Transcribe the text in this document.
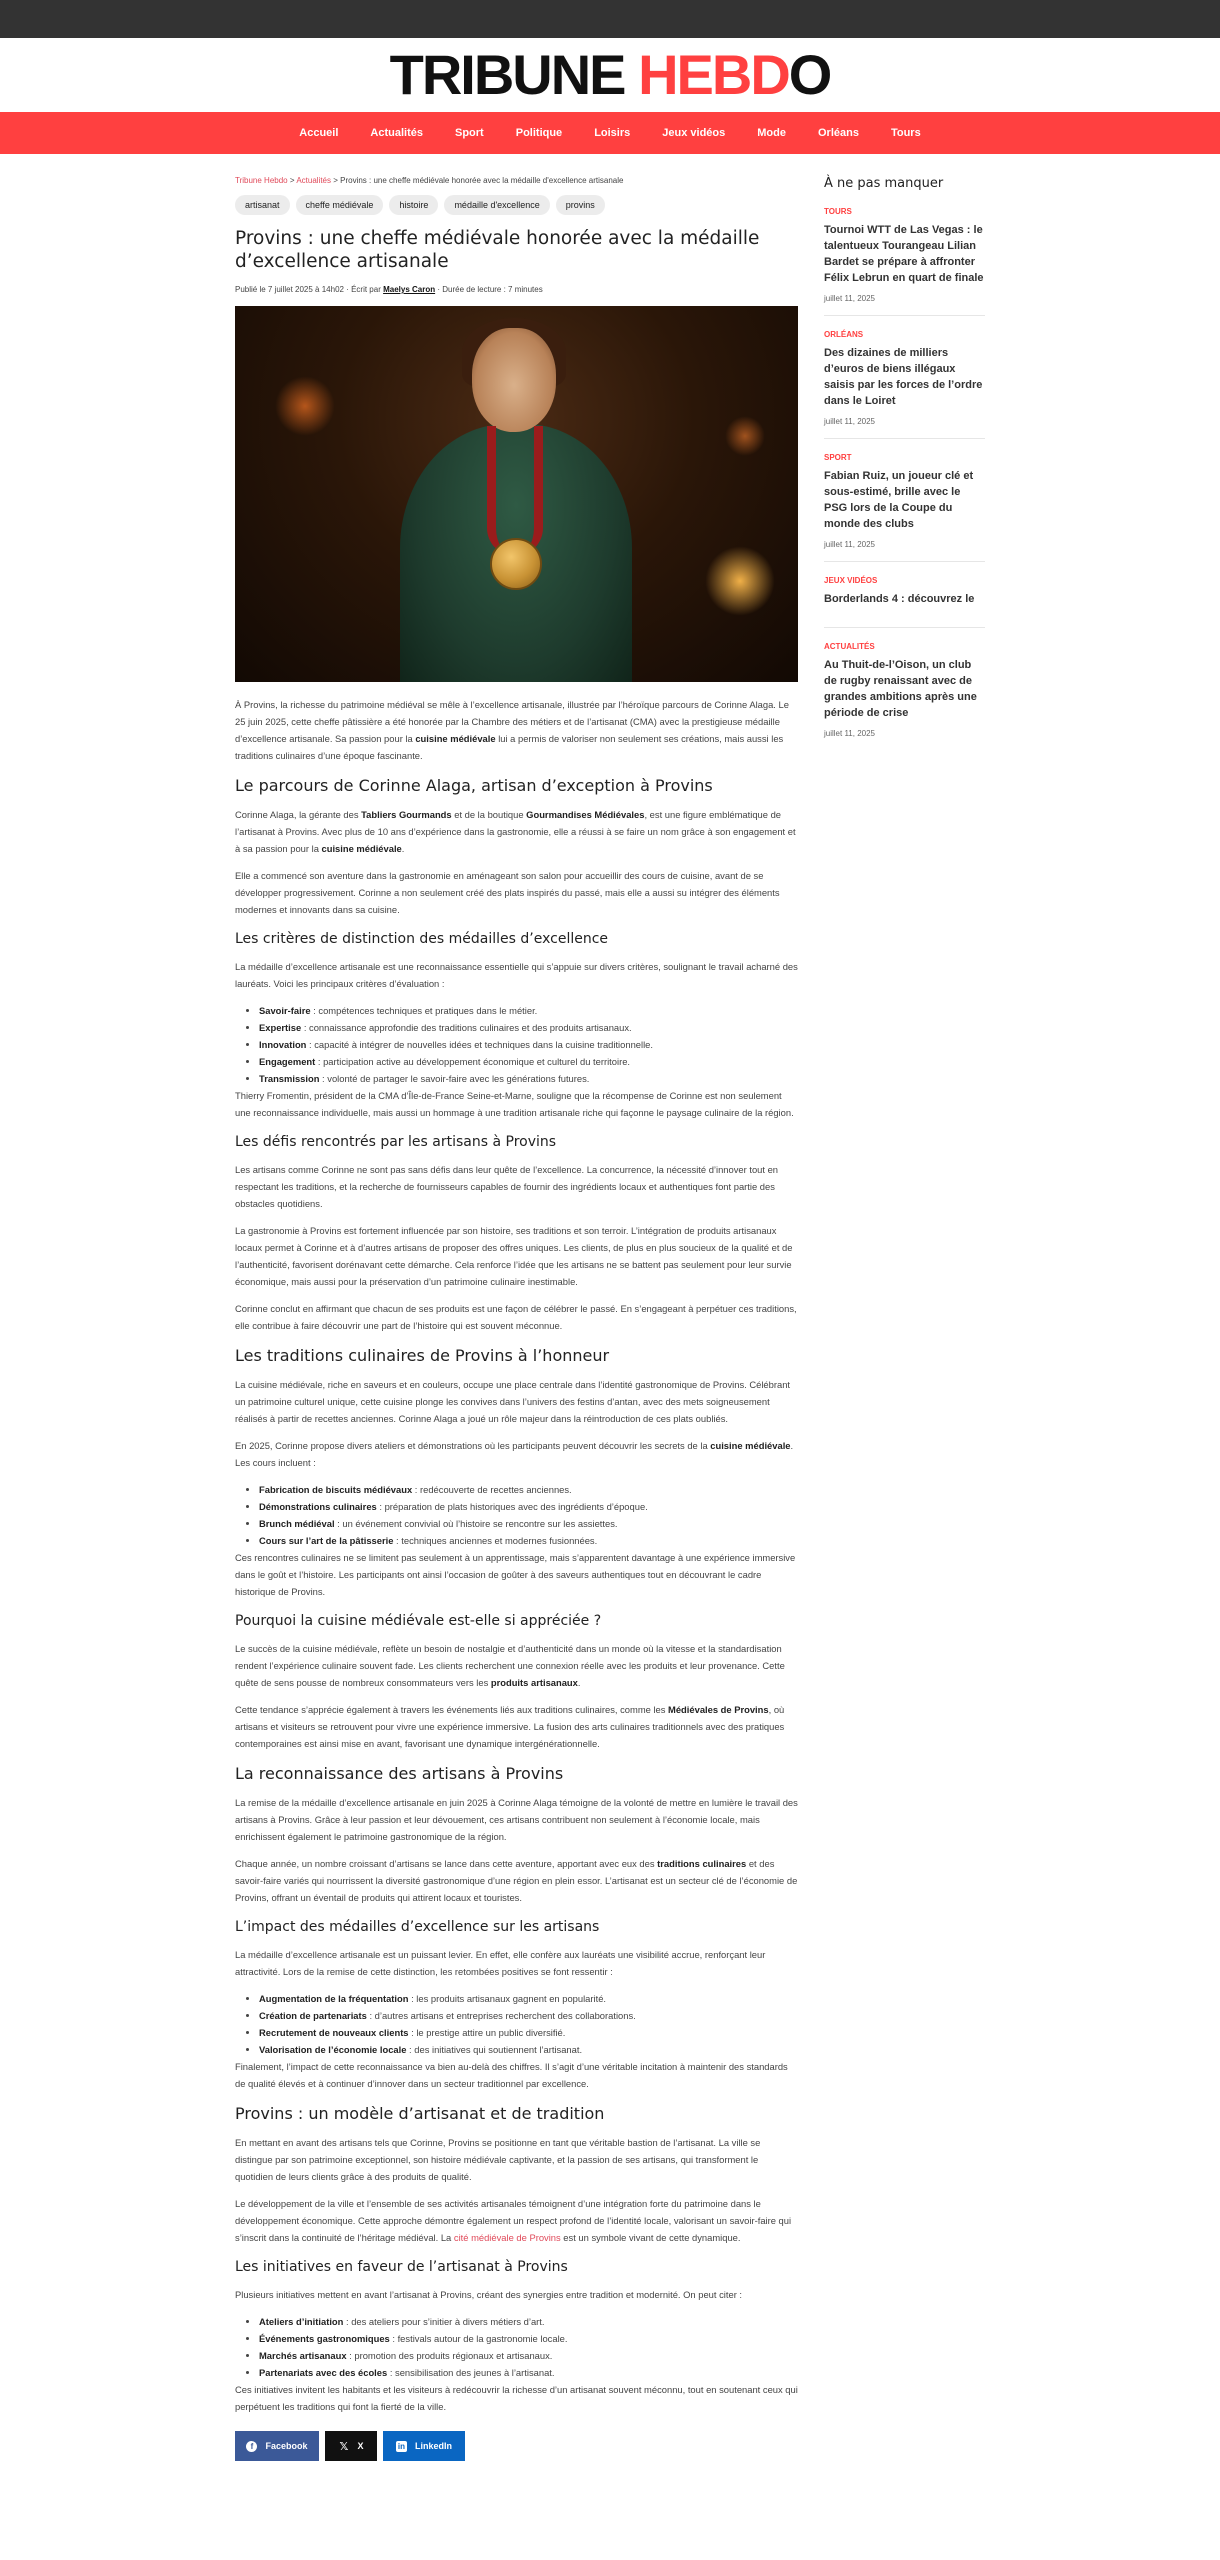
TRIBUNE HEBDO
Accueil	Actualités	Sport	Politique	Loisirs	Jeux vidéos	Mode	Orléans	Tours
Tribune Hebdo > Actualités > Provins : une cheffe médiévale honorée avec la médaille d'excellence artisanale
artisanat	cheffe médiévale	histoire	médaille d'excellence	provins
Provins : une cheffe médiévale honorée avec la médaille d’excellence artisanale
Publié le 7 juillet 2025 à 14h02 · Écrit par Maelys Caron · Durée de lecture : 7 minutes

À Provins, la richesse du patrimoine médiéval se mêle à l’excellence artisanale, illustrée par l’héroïque parcours de Corinne Alaga. Le 25 juin 2025, cette cheffe pâtissière a été honorée par la Chambre des métiers et de l’artisanat (CMA) avec la prestigieuse médaille d’excellence artisanale. Sa passion pour la cuisine médiévale lui a permis de valoriser non seulement ses créations, mais aussi les traditions culinaires d’une époque fascinante.

Le parcours de Corinne Alaga, artisan d’exception à Provins

Corinne Alaga, la gérante des Tabliers Gourmands et de la boutique Gourmandises Médiévales, est une figure emblématique de l’artisanat à Provins. Avec plus de 10 ans d’expérience dans la gastronomie, elle a réussi à se faire un nom grâce à son engagement et à sa passion pour la cuisine médiévale.

Elle a commencé son aventure dans la gastronomie en aménageant son salon pour accueillir des cours de cuisine, avant de se développer progressivement. Corinne a non seulement créé des plats inspirés du passé, mais elle a aussi su intégrer des éléments modernes et innovants dans sa cuisine.

Les critères de distinction des médailles d’excellence

La médaille d’excellence artisanale est une reconnaissance essentielle qui s’appuie sur divers critères, soulignant le travail acharné des lauréats. Voici les principaux critères d’évaluation :

• Savoir-faire : compétences techniques et pratiques dans le métier.
• Expertise : connaissance approfondie des traditions culinaires et des produits artisanaux.
• Innovation : capacité à intégrer de nouvelles idées et techniques dans la cuisine traditionnelle.
• Engagement : participation active au développement économique et culturel du territoire.
• Transmission : volonté de partager le savoir-faire avec les générations futures.

Thierry Fromentin, président de la CMA d’Île-de-France Seine-et-Marne, souligne que la récompense de Corinne est non seulement une reconnaissance individuelle, mais aussi un hommage à une tradition artisanale riche qui façonne le paysage culinaire de la région.

Les défis rencontrés par les artisans à Provins

Les artisans comme Corinne ne sont pas sans défis dans leur quête de l’excellence. La concurrence, la nécessité d’innover tout en respectant les traditions, et la recherche de fournisseurs capables de fournir des ingrédients locaux et authentiques font partie des obstacles quotidiens.

La gastronomie à Provins est fortement influencée par son histoire, ses traditions et son terroir. L’intégration de produits artisanaux locaux permet à Corinne et à d’autres artisans de proposer des offres uniques. Les clients, de plus en plus soucieux de la qualité et de l’authenticité, favorisent dorénavant cette démarche. Cela renforce l’idée que les artisans ne se battent pas seulement pour leur survie économique, mais aussi pour la préservation d’un patrimoine culinaire inestimable.

Corinne conclut en affirmant que chacun de ses produits est une façon de célébrer le passé. En s’engageant à perpétuer ces traditions, elle contribue à faire découvrir une part de l’histoire qui est souvent méconnue.

Les traditions culinaires de Provins à l’honneur

La cuisine médiévale, riche en saveurs et en couleurs, occupe une place centrale dans l’identité gastronomique de Provins. Célébrant un patrimoine culturel unique, cette cuisine plonge les convives dans l’univers des festins d’antan, avec des mets soigneusement réalisés à partir de recettes anciennes. Corinne Alaga a joué un rôle majeur dans la réintroduction de ces plats oubliés.

En 2025, Corinne propose divers ateliers et démonstrations où les participants peuvent découvrir les secrets de la cuisine médiévale. Les cours incluent :

• Fabrication de biscuits médiévaux : redécouverte de recettes anciennes.
• Démonstrations culinaires : préparation de plats historiques avec des ingrédients d’époque.
• Brunch médiéval : un événement convivial où l’histoire se rencontre sur les assiettes.
• Cours sur l’art de la pâtisserie : techniques anciennes et modernes fusionnées.

Ces rencontres culinaires ne se limitent pas seulement à un apprentissage, mais s’apparentent davantage à une expérience immersive dans le goût et l’histoire. Les participants ont ainsi l’occasion de goûter à des saveurs authentiques tout en découvrant le cadre historique de Provins.

Pourquoi la cuisine médiévale est-elle si appréciée ?

Le succès de la cuisine médiévale, reflète un besoin de nostalgie et d’authenticité dans un monde où la vitesse et la standardisation rendent l’expérience culinaire souvent fade. Les clients recherchent une connexion réelle avec les produits et leur provenance. Cette quête de sens pousse de nombreux consommateurs vers les produits artisanaux.

Cette tendance s’apprécie également à travers les événements liés aux traditions culinaires, comme les Médiévales de Provins, où artisans et visiteurs se retrouvent pour vivre une expérience immersive. La fusion des arts culinaires traditionnels avec des pratiques contemporaines est ainsi mise en avant, favorisant une dynamique intergénérationnelle.

La reconnaissance des artisans à Provins

La remise de la médaille d’excellence artisanale en juin 2025 à Corinne Alaga témoigne de la volonté de mettre en lumière le travail des artisans à Provins. Grâce à leur passion et leur dévouement, ces artisans contribuent non seulement à l’économie locale, mais enrichissent également le patrimoine gastronomique de la région.

Chaque année, un nombre croissant d’artisans se lance dans cette aventure, apportant avec eux des traditions culinaires et des savoir-faire variés qui nourrissent la diversité gastronomique d’une région en plein essor. L’artisanat est un secteur clé de l’économie de Provins, offrant un éventail de produits qui attirent locaux et touristes.

L’impact des médailles d’excellence sur les artisans

La médaille d’excellence artisanale est un puissant levier. En effet, elle confère aux lauréats une visibilité accrue, renforçant leur attractivité. Lors de la remise de cette distinction, les retombées positives se font ressentir :

• Augmentation de la fréquentation : les produits artisanaux gagnent en popularité.
• Création de partenariats : d’autres artisans et entreprises recherchent des collaborations.
• Recrutement de nouveaux clients : le prestige attire un public diversifié.
• Valorisation de l’économie locale : des initiatives qui soutiennent l’artisanat.

Finalement, l’impact de cette reconnaissance va bien au-delà des chiffres. Il s’agit d’une véritable incitation à maintenir des standards de qualité élevés et à continuer d’innover dans un secteur traditionnel par excellence.

Provins : un modèle d’artisanat et de tradition

En mettant en avant des artisans tels que Corinne, Provins se positionne en tant que véritable bastion de l’artisanat. La ville se distingue par son patrimoine exceptionnel, son histoire médiévale captivante, et la passion de ses artisans, qui transforment le quotidien de leurs clients grâce à des produits de qualité.

Le développement de la ville et l’ensemble de ses activités artisanales témoignent d’une intégration forte du patrimoine dans le développement économique. Cette approche démontre également un respect profond de l’identité locale, valorisant un savoir-faire qui s’inscrit dans la continuité de l’héritage médiéval. La cité médiévale de Provins est un symbole vivant de cette dynamique.

Les initiatives en faveur de l’artisanat à Provins

Plusieurs initiatives mettent en avant l’artisanat à Provins, créant des synergies entre tradition et modernité. On peut citer :

• Ateliers d’initiation : des ateliers pour s’initier à divers métiers d’art.
• Événements gastronomiques : festivals autour de la gastronomie locale.
• Marchés artisanaux : promotion des produits régionaux et artisanaux.
• Partenariats avec des écoles : sensibilisation des jeunes à l’artisanat.

Ces initiatives invitent les habitants et les visiteurs à redécouvrir la richesse d’un artisanat souvent méconnu, tout en soutenant ceux qui perpétuent les traditions qui font la fierté de la ville.

f	Facebook	𝕏 X	in LinkedIn
À ne pas manquer
TOURS
Tournoi WTT de Las Vegas : le talentueux Tourangeau Lilian Bardet se prépare à affronter Félix Lebrun en quart de finale
juillet 11, 2025
ORLÉANS
Des dizaines de milliers d’euros de biens illégaux saisis par les forces de l’ordre dans le Loiret
juillet 11, 2025
SPORT
Fabian Ruiz, un joueur clé et sous-estimé, brille avec le PSG lors de la Coupe du monde des clubs
juillet 11, 2025
JEUX VIDÉOS
Borderlands 4 : découvrez le
ACTUALITÉS
Au Thuit-de-l’Oison, un club de rugby renaissant avec de grandes ambitions après une période de crise
juillet 11, 2025
